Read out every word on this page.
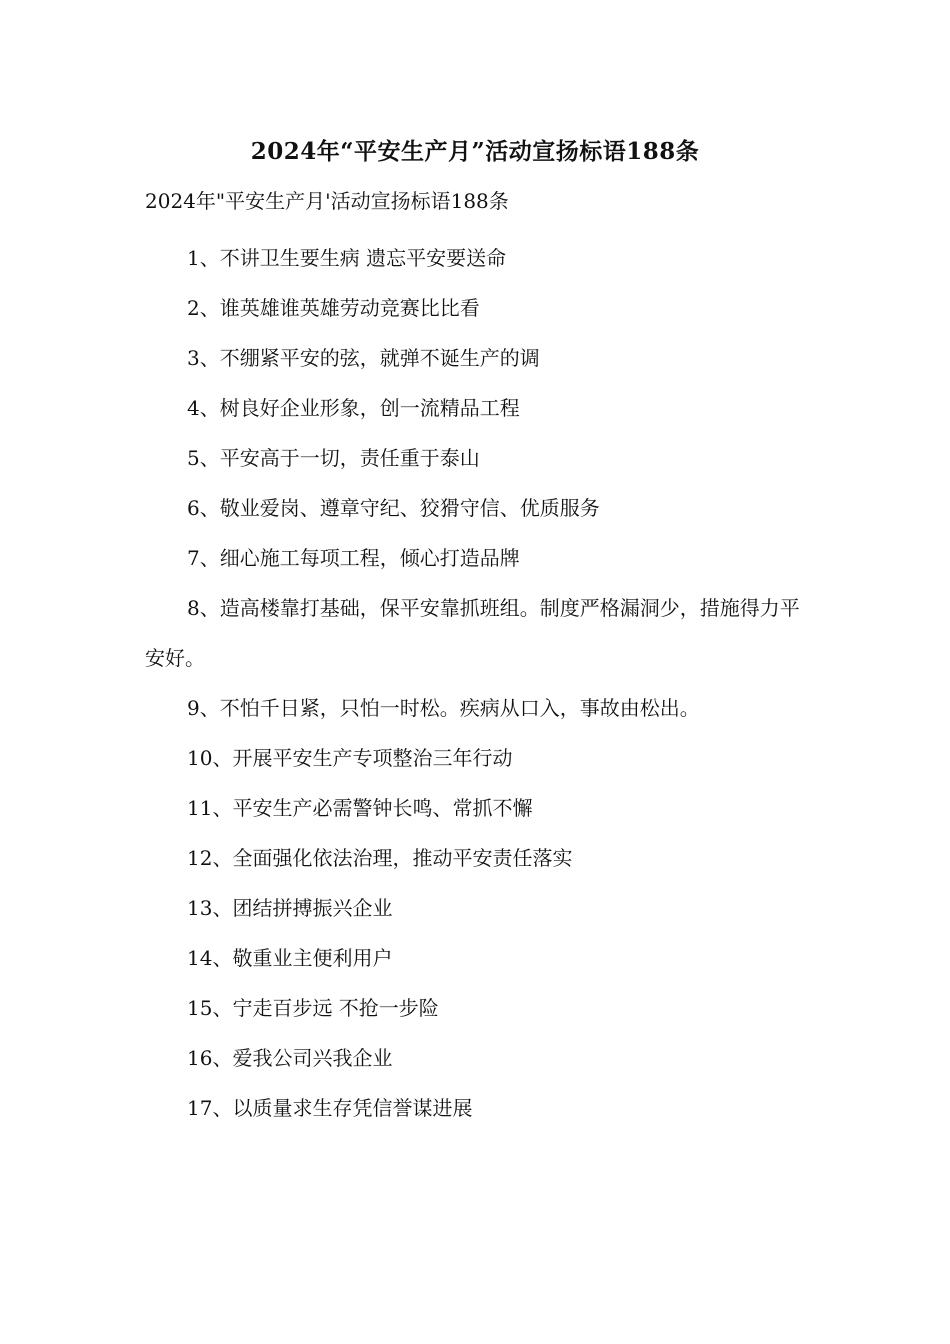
2024年“平安生产月”活动宣扬标语188条
2024年"平安生产月'活动宣扬标语188条
1、不讲卫生要生病 遗忘平安要送命
2、谁英雄谁英雄劳动竞赛比比看
3、不绷紧平安的弦，就弹不诞生产的调
4、树良好企业形象，创一流精品工程
5、平安高于一切，责任重于泰山
6、敬业爱岗、遵章守纪、狡猾守信、优质服务
7、细心施工每项工程，倾心打造品牌
8、造高楼靠打基础，保平安靠抓班组。制度严格漏洞少，措施得力平安好。
9、不怕千日紧，只怕一时松。疾病从口入，事故由松出。
10、开展平安生产专项整治三年行动
11、平安生产必需警钟长鸣、常抓不懈
12、全面强化依法治理，推动平安责任落实
13、团结拼搏振兴企业
14、敬重业主便利用户
15、宁走百步远 不抢一步险
16、爱我公司兴我企业
17、以质量求生存凭信誉谋进展
